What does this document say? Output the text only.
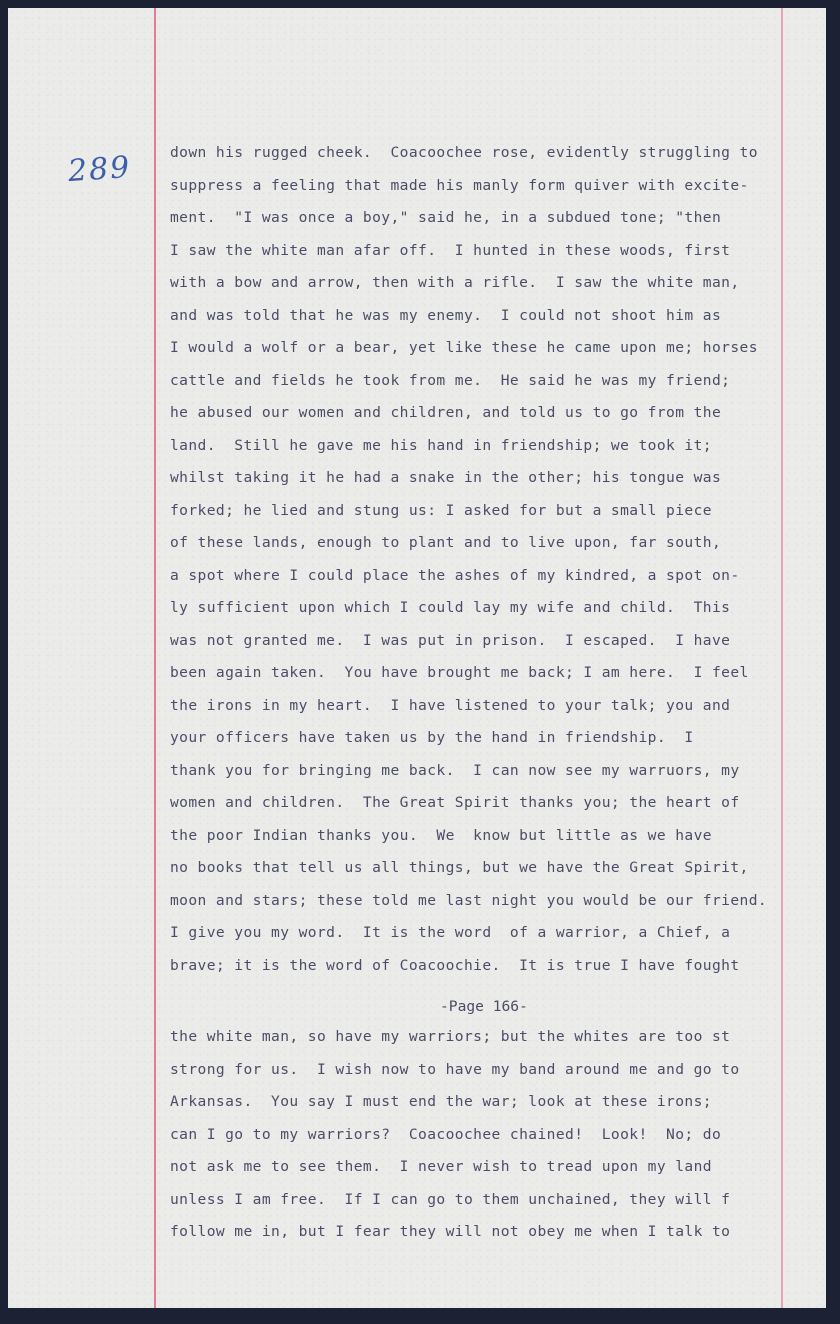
289	down his rugged cheek.  Coacoochee rose, evidently struggling to
suppress a feeling that made his manly form quiver with excite-
ment.  "I was once a boy," said he, in a subdued tone; "then
I saw the white man afar off.  I hunted in these woods, first
with a bow and arrow, then with a rifle.  I saw the white man,
and was told that he was my enemy.  I could not shoot him as
I would a wolf or a bear, yet like these he came upon me; horses
cattle and fields he took from me.  He said he was my friend;
he abused our women and children, and told us to go from the
land.  Still he gave me his hand in friendship; we took it;
whilst taking it he had a snake in the other; his tongue was
forked; he lied and stung us: I asked for but a small piece
of these lands, enough to plant and to live upon, far south,
a spot where I could place the ashes of my kindred, a spot on-
ly sufficient upon which I could lay my wife and child.  This
was not granted me.  I was put in prison.  I escaped.  I have
been again taken.  You have brought me back; I am here.  I feel
the irons in my heart.  I have listened to your talk; you and
your officers have taken us by the hand in friendship.  I
thank you for bringing me back.  I can now see my warruors, my
women and children.  The Great Spirit thanks you; the heart of
the poor Indian thanks you.  We  know but little as we have
no books that tell us all things, but we have the Great Spirit,
moon and stars; these told me last night you would be our friend.
I give you my word.  It is the word  of a warrior, a Chief, a
brave; it is the word of Coacoochie.  It is true I have fought
-Page 166-
the white man, so have my warriors; but the whites are too st
strong for us.  I wish now to have my band around me and go to
Arkansas.  You say I must end the war; look at these irons;
can I go to my warriors?  Coacoochee chained!  Look!  No; do
not ask me to see them.  I never wish to tread upon my land
unless I am free.  If I can go to them unchained, they will f
follow me in, but I fear they will not obey me when I talk to
